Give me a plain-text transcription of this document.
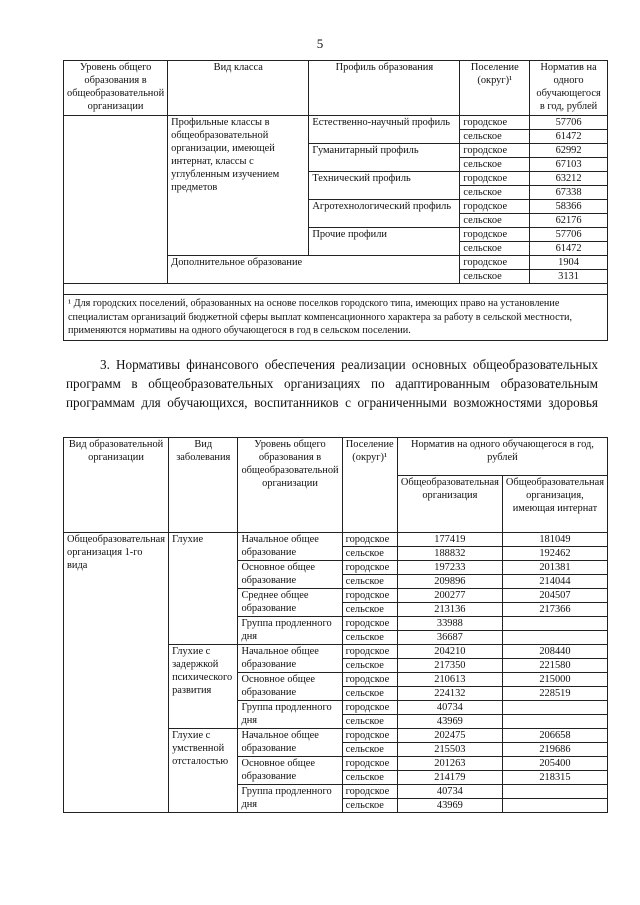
5
Уровень общего образования в общеобразовательной организации	Вид класса	Профиль образования	Поселение (округ)¹	Норматив на одного обучающегося в год, рублей
	Профильные классы в общеобразовательной организации, имеющей интернат, классы с углубленным изучением предметов	Естественно-научный профиль	городское	57706
			сельское	61472
		Гуманитарный профиль	городское	62992
			сельское	67103
		Технический профиль	городское	63212
			сельское	67338
		Агротехнологический профиль	городское	58366
			сельское	62176
		Прочие профили	городское	57706
			сельское	61472
	Дополнительное образование		городское	1904
			сельское	3131

¹ Для городских поселений, образованных на основе поселков городского типа, имеющих право на установление специалистам организаций бюджетной сферы выплат компенсационного характера за работу в сельской местности, применяются нормативы на одного обучающегося в год в сельском поселении.				
3. Нормативы финансового обеспечения реализации основных общеобразовательных программ в общеобразовательных организациях по адаптированным образовательным программам для обучающихся, воспитанников с ограниченными возможностями здоровья
Вид образовательной организации	Вид заболевания	Уровень общего образования в общеобразовательной организации	Поселение (округ)¹	Норматив на одного обучающегося в год, рублей	
				Общеобразовательная организация	Общеобразовательная организация, имеющая интернат
Общеобразовательная организация 1-го вида	Глухие	Начальное общее образование	городское	177419	181049
			сельское	188832	192462
		Основное общее образование	городское	197233	201381
			сельское	209896	214044
		Среднее общее образование	городское	200277	204507
			сельское	213136	217366
		Группа продленного дня	городское	33988	
			сельское	36687	
	Глухие с задержкой психического развития	Начальное общее образование	городское	204210	208440
			сельское	217350	221580
		Основное общее образование	городское	210613	215000
			сельское	224132	228519
		Группа продленного дня	городское	40734	
			сельское	43969	
	Глухие с умственной отсталостью	Начальное общее образование	городское	202475	206658
			сельское	215503	219686
		Основное общее образование	городское	201263	205400
			сельское	214179	218315
		Группа продленного дня	городское	40734	
			сельское	43969	
